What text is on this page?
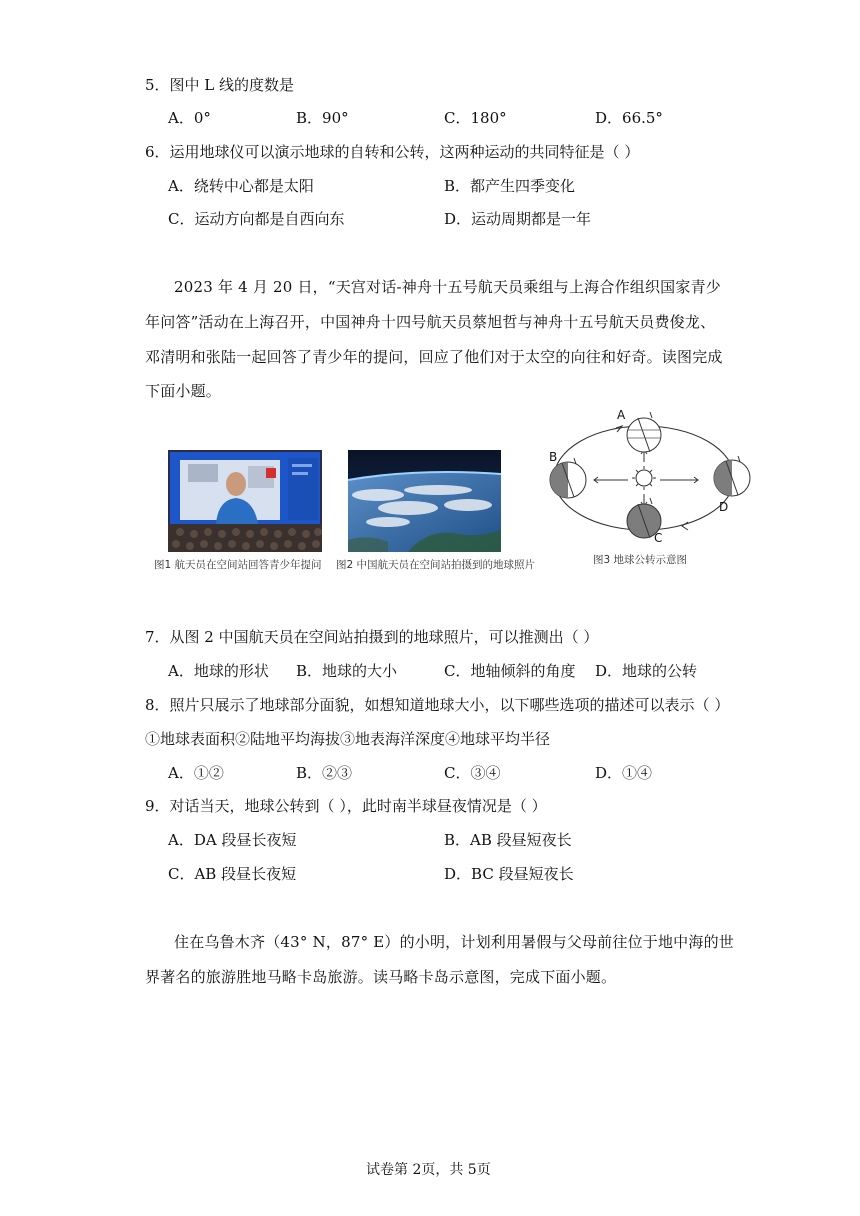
5．图中 L 线的度数是
A．0°	B．90°	C．180°	D．66.5°
6．运用地球仪可以演示地球的自转和公转，这两种运动的共同特征是（ ）
A．绕转中心都是太阳	B．都产生四季变化
C．运动方向都是自西向东	D．运动周期都是一年
2023 年 4 月 20 日，“天宫对话-神舟十五号航天员乘组与上海合作组织国家青少
年问答”活动在上海召开，中国神舟十四号航天员蔡旭哲与神舟十五号航天员费俊龙、
邓清明和张陆一起回答了青少年的提问，回应了他们对于太空的向往和好奇。读图完成
下面小题。
图1 航天员在空间站回答青少年提问 图2 中国航天员在空间站拍摄到的地球照片
A
B
C
D
图3 地球公转示意图
7．从图 2 中国航天员在空间站拍摄到的地球照片，可以推测出（ ）
A．地球的形状 B．地球的大小	C．地轴倾斜的角度 D．地球的公转
8．照片只展示了地球部分面貌，如想知道地球大小，以下哪些选项的描述可以表示（ ）
①地球表面积②陆地平均海拔③地表海洋深度④地球平均半径
A．①②	B．②③	C．③④	D．①④
9．对话当天，地球公转到（ ），此时南半球昼夜情况是（ ）
A．DA 段昼长夜短	B．AB 段昼短夜长
C．AB 段昼长夜短	D．BC 段昼短夜长
住在乌鲁木齐（43° N，87° E）的小明，计划利用暑假与父母前往位于地中海的世
界著名的旅游胜地马略卡岛旅游。读马略卡岛示意图，完成下面小题。
试卷第 2页，共 5页
